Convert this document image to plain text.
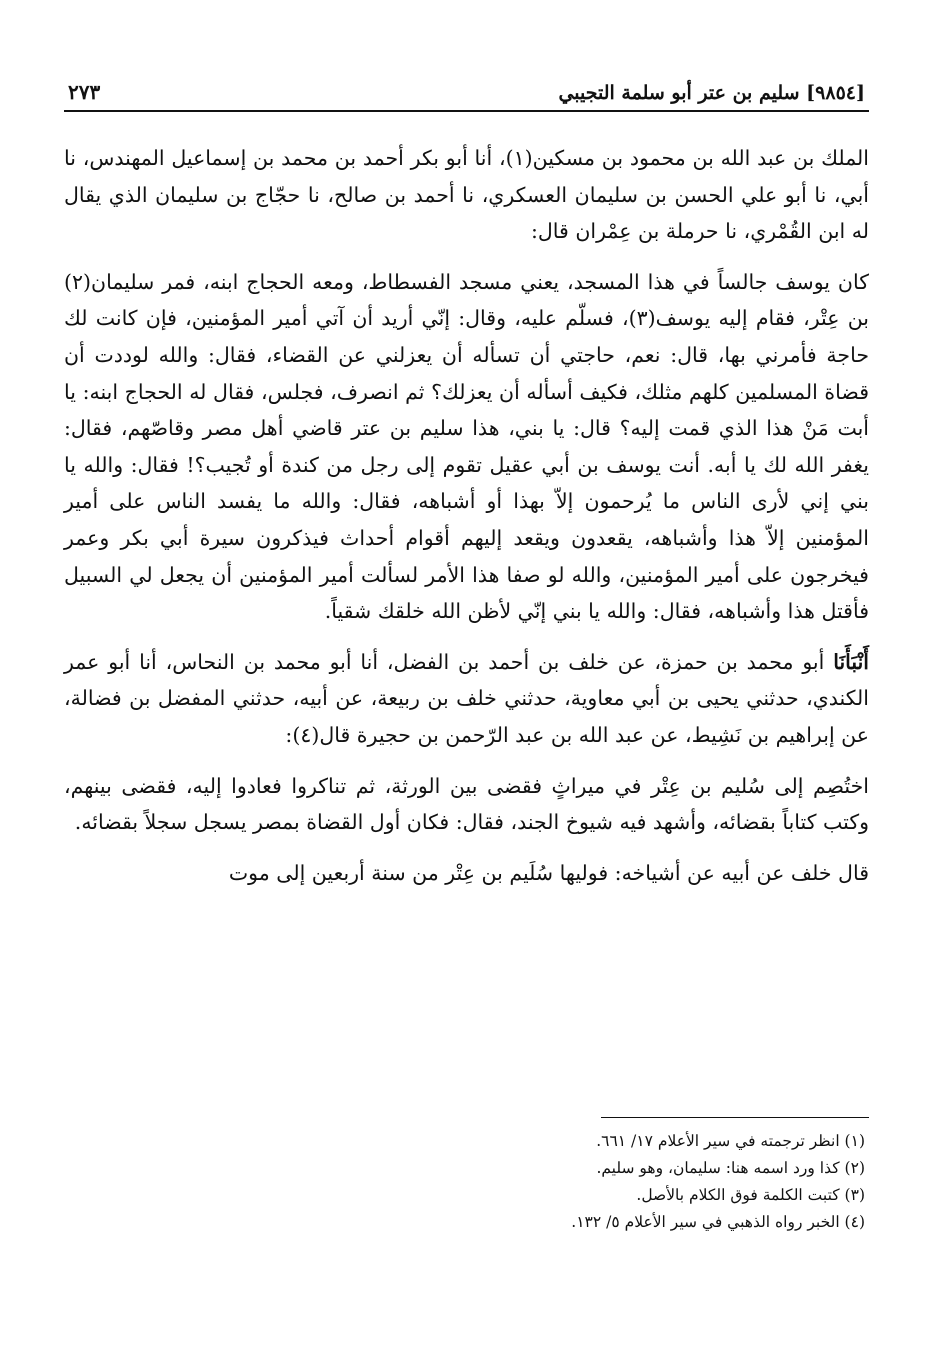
[٩٨٥٤] سليم بن عتر أبو سلمة التجيبي
٢٧٣

الملك بن عبد الله بن محمود بن مسكين(١)، أنا أبو بكر أحمد بن محمد بن إسماعيل المهندس، نا أبي، نا أبو علي الحسن بن سليمان العسكري، نا أحمد بن صالح، نا حجّاج بن سليمان الذي يقال له ابن القُمْري، نا حرملة بن عِمْران قال:

كان يوسف جالساً في هذا المسجد، يعني مسجد الفسطاط، ومعه الحجاج ابنه، فمر سليمان(٢) بن عِتْر، فقام إليه يوسف(٣)، فسلّم عليه، وقال: إنّي أريد أن آتي أمير المؤمنين، فإن كانت لك حاجة فأمرني بها، قال: نعم، حاجتي أن تسأله أن يعزلني عن القضاء، فقال: والله لوددت أن قضاة المسلمين كلهم مثلك، فكيف أسأله أن يعزلك؟ ثم انصرف، فجلس، فقال له الحجاج ابنه: يا أبت مَنْ هذا الذي قمت إليه؟ قال: يا بني، هذا سليم بن عتر قاضي أهل مصر وقاصّهم، فقال: يغفر الله لك يا أبه. أنت يوسف بن أبي عقيل تقوم إلى رجل من كندة أو تُجيب؟! فقال: والله يا بني إني لأرى الناس ما يُرحمون إلاّ بهذا أو أشباهه، فقال: والله ما يفسد الناس على أمير المؤمنين إلاّ هذا وأشباهه، يقعدون ويقعد إليهم أقوام أحداث فيذكرون سيرة أبي بكر وعمر فيخرجون على أمير المؤمنين، والله لو صفا هذا الأمر لسألت أمير المؤمنين أن يجعل لي السبيل فأقتل هذا وأشباهه، فقال: والله يا بني إنّي لأظن الله خلقك شقياً.

أَنْبَأَنَا أبو محمد بن حمزة، عن خلف بن أحمد بن الفضل، أنا أبو محمد بن النحاس، أنا أبو عمر الكندي، حدثني يحيى بن أبي معاوية، حدثني خلف بن ربيعة، عن أبيه، حدثني المفضل بن فضالة، عن إبراهيم بن نَشِيط، عن عبد الله بن عبد الرّحمن بن حجيرة قال(٤):

اختُصِم إلى سُليم بن عِتْر في ميراثٍ فقضى بين الورثة، ثم تناكروا فعادوا إليه، فقضى بينهم، وكتب كتاباً بقضائه، وأشهد فيه شيوخ الجند، فقال: فكان أول القضاة بمصر يسجل سجلاً بقضائه.

قال خلف عن أبيه عن أشياخه: فوليها سُلَيم بن عِتْر من سنة أربعين إلى موت

(١) انظر ترجمته في سير الأعلام ١٧/ ٦٦١.

(٢) كذا ورد اسمه هنا: سليمان، وهو سليم.

(٣) كتبت الكلمة فوق الكلام بالأصل.

(٤) الخبر رواه الذهبي في سير الأعلام ٥/ ١٣٢.
